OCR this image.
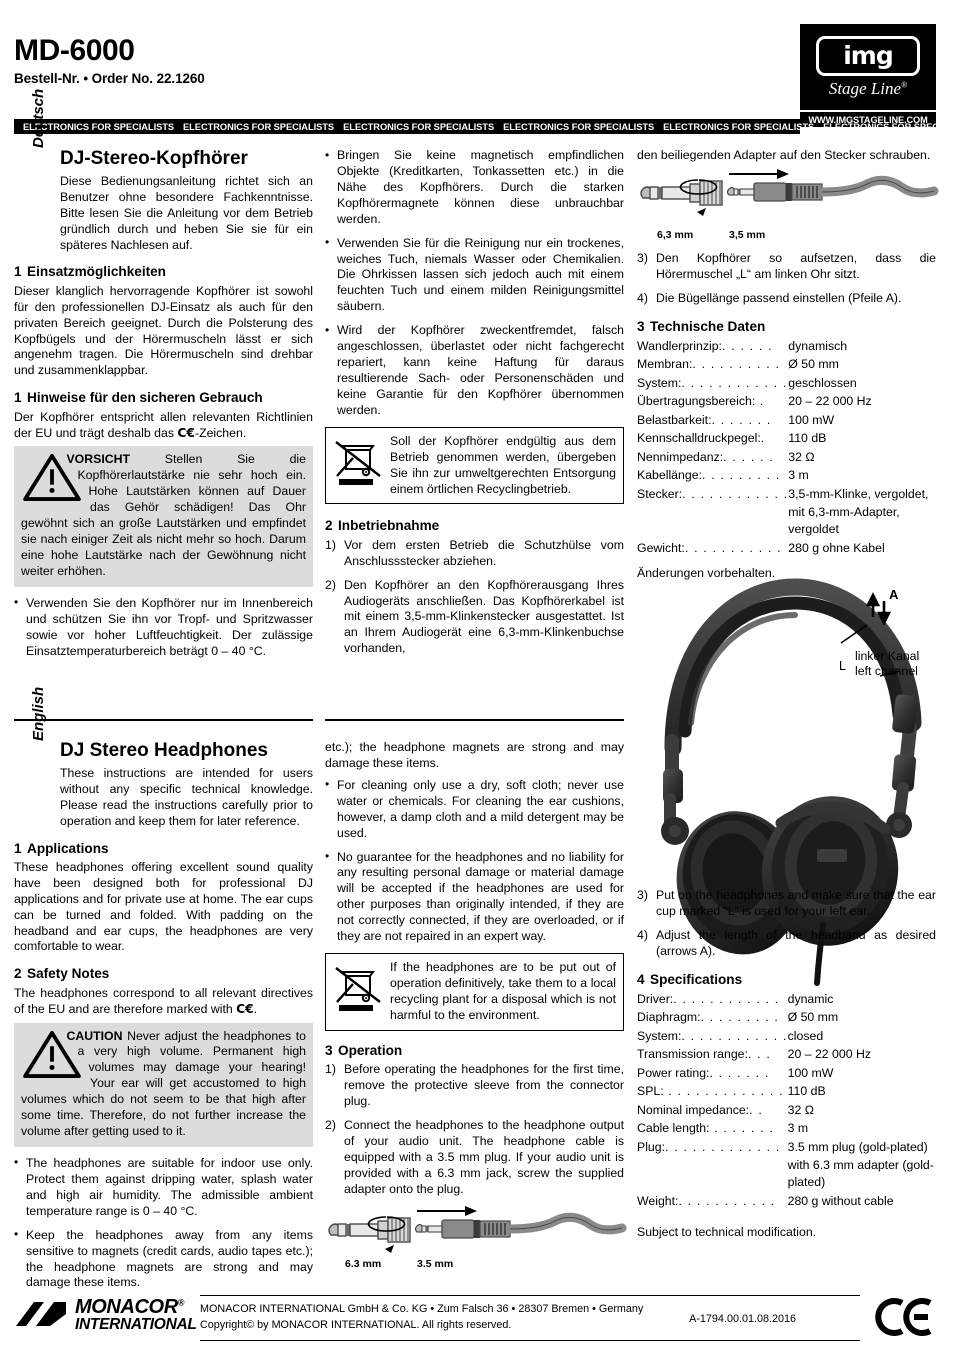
MD-6000
Bestell-Nr. • Order No. 22.1260
img
Stage Line®
WWW.IMGSTAGELINE.COM
ELECTRONICS FOR SPECIALISTS ELECTRONICS FOR SPECIALISTS ELECTRONICS FOR SPECIALISTS ELECTRONICS FOR SPECIALISTS ELECTRONICS FOR SPECIALISTS ELECTRONICS FOR SPECIALISTS
Deutsch
DJ-Stereo-Kopfhörer

Diese Bedienungsanleitung richtet sich an Benutzer ohne besondere Fachkenntnisse. Bitte lesen Sie die Anleitung vor dem Betrieb gründlich durch und heben Sie sie für ein späteres Nachlesen auf.

1 Einsatzmöglichkeiten

Dieser klanglich hervorragende Kopfhörer ist sowohl für den professionellen DJ-Einsatz als auch für den privaten Bereich geeignet. Durch die Polsterung des Kopfbügels und der Hörermuscheln lässt er sich angenehm tragen. Die Hörermuscheln sind drehbar und zusammenklappbar.

1 Hinweise für den sicheren Gebrauch

Der Kopfhörer entspricht allen relevanten Richtlinien der EU und trägt deshalb das C€-Zeichen.

VORSICHT	Stellen Sie die Kopfhörerlautstärke nie sehr hoch ein. Hohe Lautstärken können auf Dauer das Gehör schädigen! Das Ohr gewöhnt sich an große Lautstärken und empfindet sie nach einiger Zeit als nicht mehr so hoch. Darum eine hohe Lautstärke nach der Gewöhnung nicht weiter erhöhen.
• Verwenden Sie den Kopfhörer nur im Innenbereich und schützen Sie ihn vor Tropf- und Spritzwasser sowie vor hoher Luftfeuchtigkeit. Der zulässige Einsatztemperaturbereich beträgt 0 – 40 °C.
• Bringen Sie keine magnetisch empfindlichen Objekte (Kreditkarten, Tonkassetten etc.) in die Nähe des Kopfhörers. Durch die starken Kopfhörermagnete können diese unbrauchbar werden.
• Verwenden Sie für die Reinigung nur ein trockenes, weiches Tuch, niemals Wasser oder Chemikalien. Die Ohrkissen lassen sich jedoch auch mit einem feuchten Tuch und einem milden Reinigungsmittel säubern.
• Wird der Kopfhörer zweckentfremdet, falsch angeschlossen, überlastet oder nicht fachgerecht repariert, kann keine Haftung für daraus resultierende Sach- oder Personenschäden und keine Garantie für den Kopfhörer übernommen werden.
Soll der Kopfhörer endgültig aus dem Betrieb genommen werden, übergeben Sie ihn zur umweltgerechten Entsorgung einem örtlichen Recyclingbetrieb.
2 Inbetriebnahme
1) Vor dem ersten Betrieb die Schutzhülse vom Anschlussstecker abziehen.
2) Den Kopfhörer an den Kopfhörerausgang Ihres Audiogeräts anschließen. Das Kopfhörerkabel ist mit einem 3,5-mm-Klinkenstecker ausgestattet. Ist an Ihrem Audiogerät eine 6,3-mm-Klinkenbuchse vorhanden,

den beiliegenden Adapter auf den Stecker schrauben.

6,3 mm	3,5 mm
3) Den Kopfhörer so aufsetzen, dass die Hörermuschel „L“ am linken Ohr sitzt.
4) Die Bügellänge passend einstellen (Pfeile A).
3 Technische Daten
Wandlerprinzip:. . . . . .	dynamisch
Membran:. . . . . . . . . .	Ø 50 mm
System:. . . . . . . . . . . .	geschlossen
Übertragungsbereich: .	20 – 22 000 Hz
Belastbarkeit:. . . . . . .	100 mW
Kennschalldruckpegel:.	110 dB
Nennimpedanz:. . . . . .	32 Ω
Kabellänge:. . . . . . . . .	3 m
Stecker:. . . . . . . . . . . .	3,5-mm-Klinke, vergoldet,
	mit 6,3-mm-Adapter, vergoldet
Gewicht:. . . . . . . . . . .	280 g ohne Kabel

Änderungen vorbehalten.

A
L
linker Kanal
left channel
English
DJ Stereo Headphones

These instructions are intended for users without any specific technical knowledge. Please read the instructions carefully prior to operation and keep them for later reference.

1 Applications

These headphones offering excellent sound quality have been designed both for professional DJ applications and for private use at home. The ear cups can be turned and folded. With padding on the headband and ear cups, the headphones are very comfortable to wear.

2 Safety Notes

The headphones correspond to all relevant directives of the EU and are therefore marked with C€.

CAUTION Never adjust the headphones to a very high volume. Permanent high volumes may damage your hearing! Your ear will get accustomed to high volumes which do not seem to be that high after some time. Therefore, do not further increase the volume after getting used to it.
• The headphones are suitable for indoor use only. Protect them against dripping water, splash water and high air humidity. The admissible ambient temperature range is 0 – 40 °C.
• Keep the headphones away from any items sensitive to magnets (credit cards, audio tapes etc.); the headphone magnets are strong and may damage these items.

etc.); the headphone magnets are strong and may damage these items.

• For cleaning only use a dry, soft cloth; never use water or chemicals. For cleaning the ear cushions, however, a damp cloth and a mild detergent may be used.
• No guarantee for the headphones and no liability for any resulting personal damage or material damage will be accepted if the headphones are used for other purposes than originally intended, if they are not correctly connected, if they are overloaded, or if they are not repaired in an expert way.
If the headphones are to be put out of operation definitively, take them to a local recycling plant for a disposal which is not harmful to the environment.
3 Operation
1) Before operating the headphones for the first time, remove the protective sleeve from the connector plug.
2) Connect the headphones to the headphone output of your audio unit. The headphone cable is equipped with a 3.5 mm plug. If your audio unit is provided with a 6.3 mm jack, screw the supplied adapter onto the plug.
6.3 mm	3.5 mm
3) Put on the headphones and make sure that the ear cup marked “L” is used for your left ear.
4) Adjust the length of the headband as desired (arrows A).
4 Specifications
Driver:. . . . . . . . . . . .	dynamic
Diaphragm:. . . . . . . . .	Ø 50 mm
System:. . . . . . . . . . . .	closed
Transmission range:. . .	20 – 22 000 Hz
Power rating:. . . . . . .	100 mW
SPL: . . . . . . . . . . . . .	110 dB
Nominal impedance:. .	32 Ω
Cable length: . . . . . . .	3 m
Plug:. . . . . . . . . . . . .	3.5 mm plug (gold-plated)
	with 6.3 mm adapter (gold-plated)
Weight:. . . . . . . . . . .	280 g without cable

Subject to technical modification.

MONACOR®
INTERNATIONAL
MONACOR INTERNATIONAL GmbH & Co. KG • Zum Falsch 36 • 28307 Bremen • Germany
Copyright© by MONACOR INTERNATIONAL. All rights reserved.	A-1794.00.01.08.2016
